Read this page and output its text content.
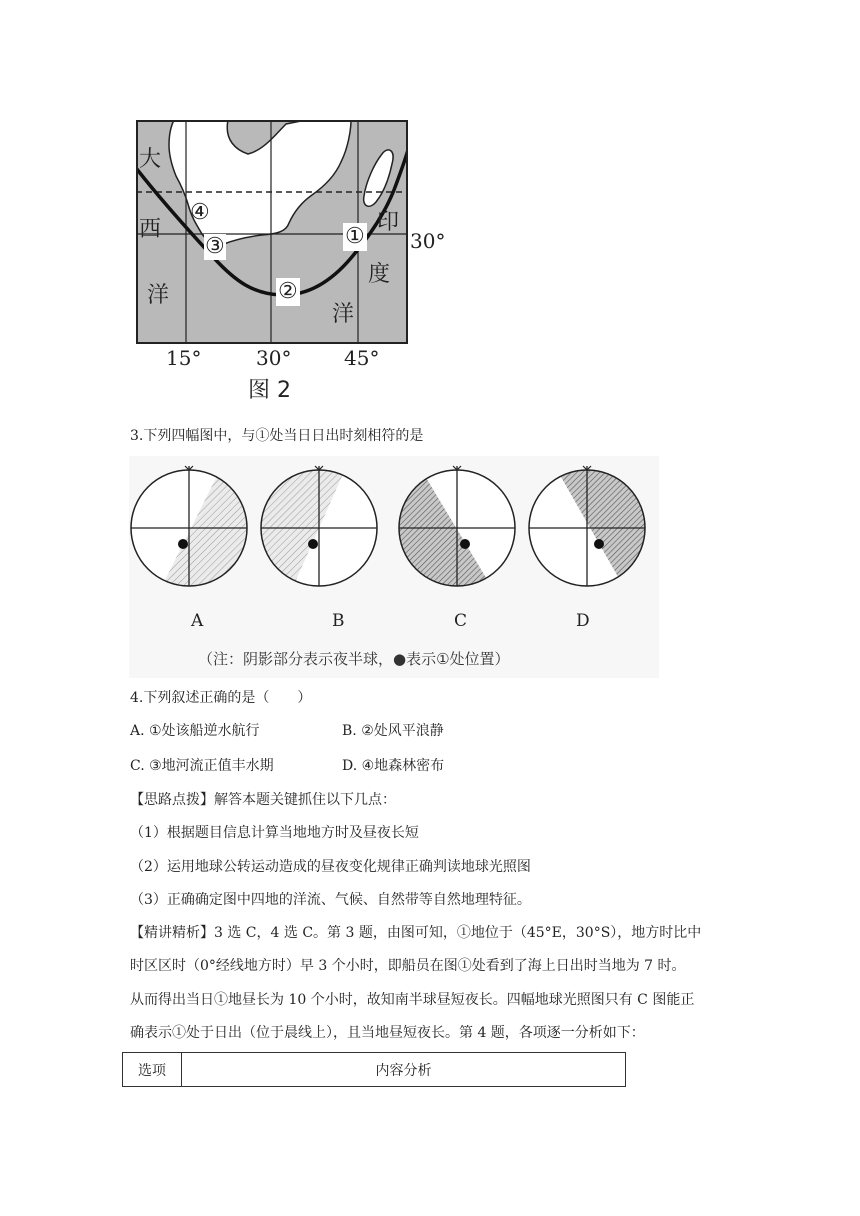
大
西
洋
印
度
洋
①
②
③
④
30°
15°	30°	45°
图 2
3.下列四幅图中，与①处当日日出时刻相符的是
A	B	C	D
（注：阴影部分表示夜半球，●表示①处位置）
4.下列叙述正确的是（　　）
A. ①处该船逆水航行	B. ②处风平浪静
C. ③地河流正值丰水期	D. ④地森林密布
【思路点拨】解答本题关键抓住以下几点：
（1）根据题目信息计算当地地方时及昼夜长短
（2）运用地球公转运动造成的昼夜变化规律正确判读地球光照图
（3）正确确定图中四地的洋流、气候、自然带等自然地理特征。
【精讲精析】3 选 C，4 选 C。第 3 题，由图可知，①地位于（45°E，30°S），地方时比中
时区区时（0°经线地方时）早 3 个小时，即船员在图①处看到了海上日出时当地为 7 时。
从而得出当日①地昼长为 10 个小时，故知南半球昼短夜长。四幅地球光照图只有 C 图能正
确表示①处于日出（位于晨线上），且当地昼短夜长。第 4 题，各项逐一分析如下：
选项	内容分析
